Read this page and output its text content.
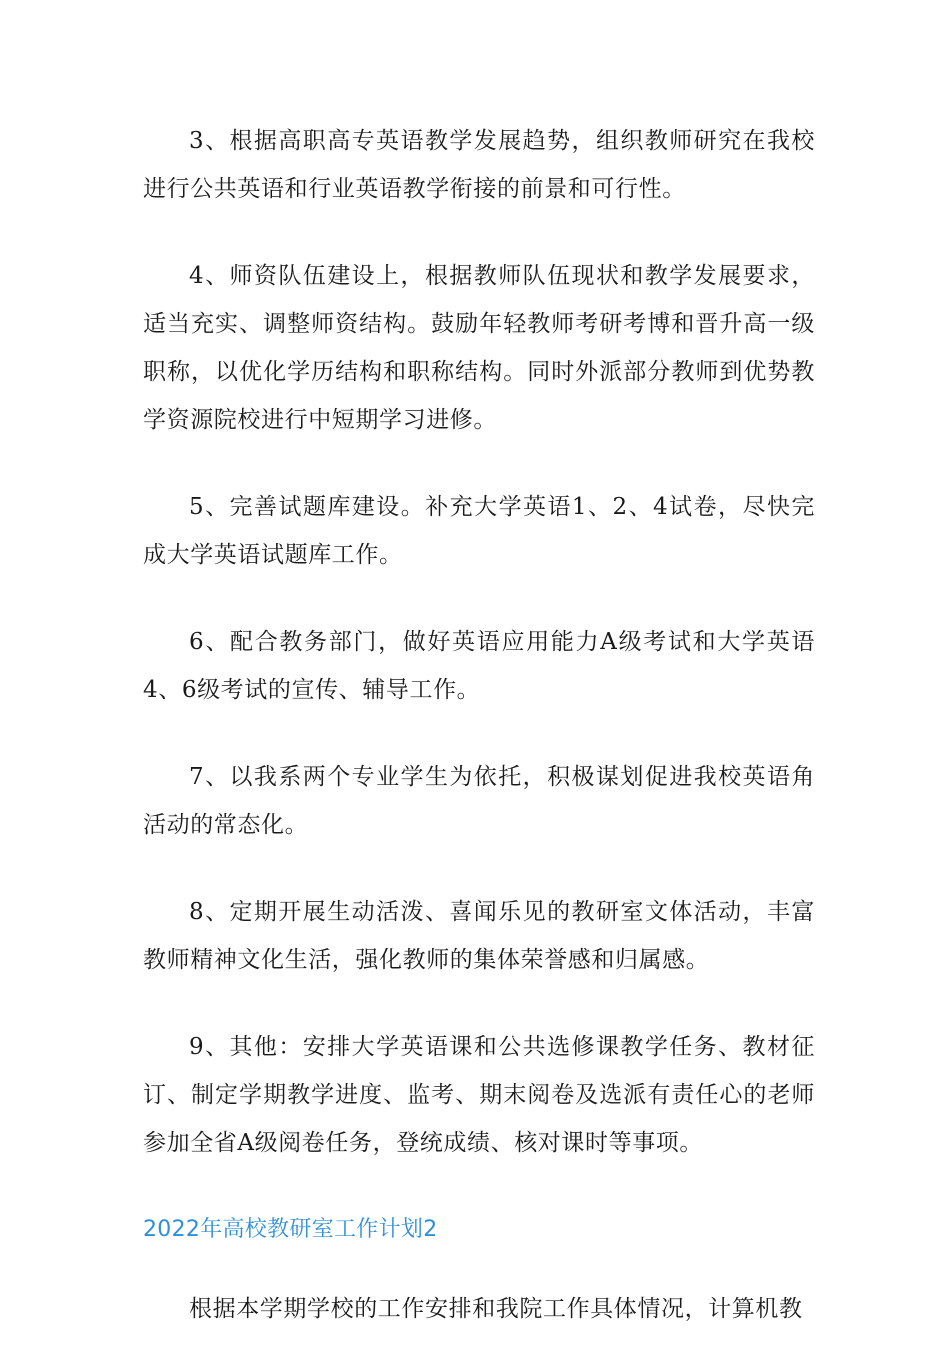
3、根据高职高专英语教学发展趋势，组织教师研究在我校进行公共英语和行业英语教学衔接的前景和可行性。

4、师资队伍建设上，根据教师队伍现状和教学发展要求，适当充实、调整师资结构。鼓励年轻教师考研考博和晋升高一级职称，以优化学历结构和职称结构。同时外派部分教师到优势教学资源院校进行中短期学习进修。

5、完善试题库建设。补充大学英语1、2、4试卷，尽快完成大学英语试题库工作。

6、配合教务部门，做好英语应用能力A级考试和大学英语4、6级考试的宣传、辅导工作。

7、以我系两个专业学生为依托，积极谋划促进我校英语角活动的常态化。

8、定期开展生动活泼、喜闻乐见的教研室文体活动，丰富教师精神文化生活，强化教师的集体荣誉感和归属感。

9、其他：安排大学英语课和公共选修课教学任务、教材征订、制定学期教学进度、监考、期末阅卷及选派有责任心的老师参加全省A级阅卷任务，登统成绩、核对课时等事项。

2022年高校教研室工作计划2

根据本学期学校的工作安排和我院工作具体情况，计算机教
